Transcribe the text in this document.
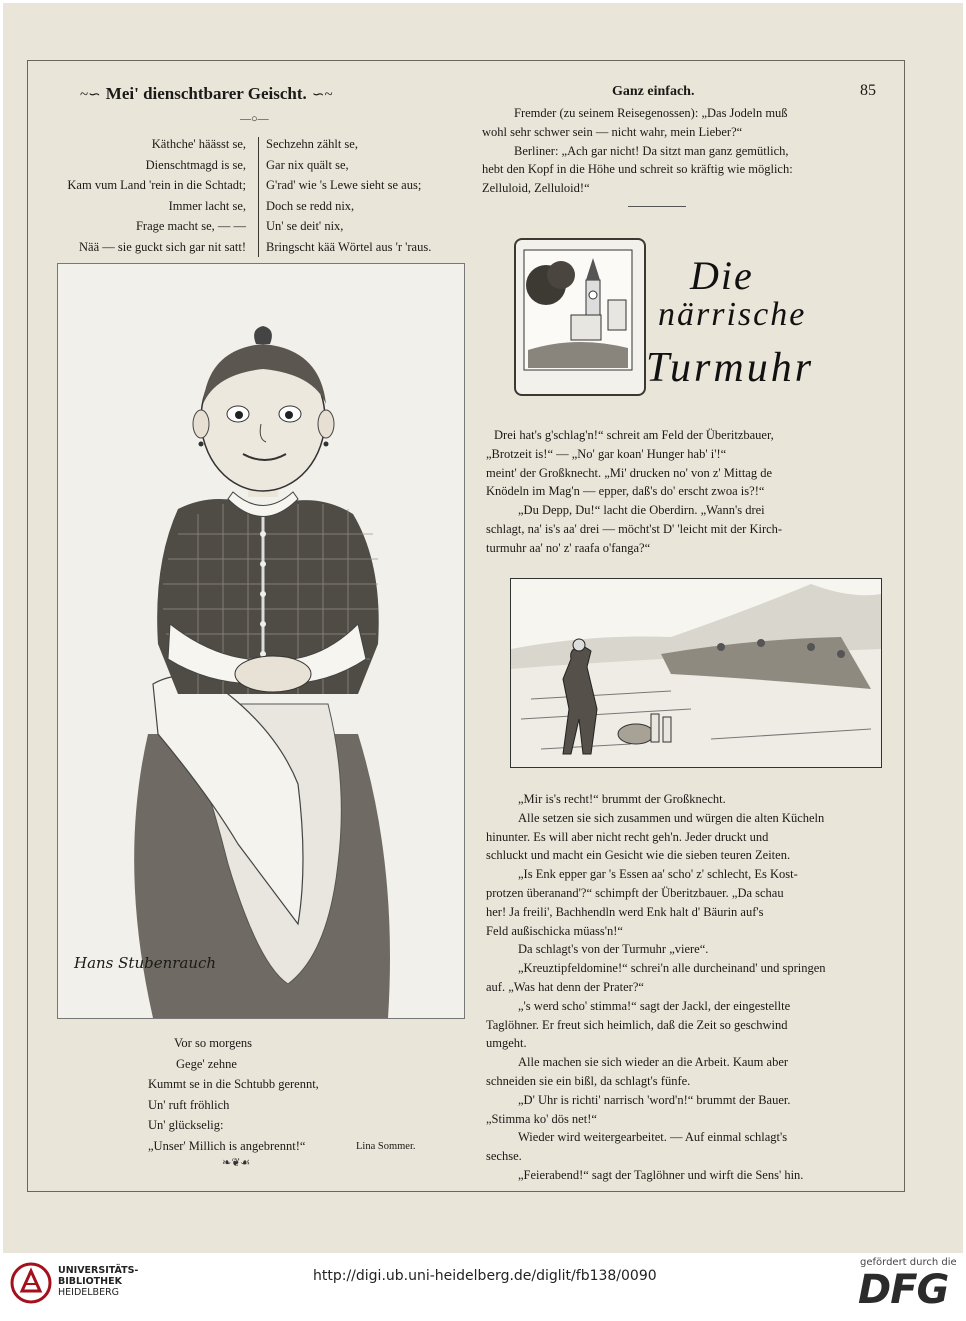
~∽ Mei' dienschtbarer Geischt. ∽~	Ganz einfach.	85
—○—
Käthche' häässt se,
Dienschtmagd is se,
Kam vum Land 'rein in die Schtadt;
Immer lacht se,
Frage macht se, — —
Nää — sie guckt sich gar nit satt!
Sechzehn zählt se,
Gar nix quält se,
G'rad' wie 's Lewe sieht se aus;
Doch se redd nix,
Un' se deit' nix,
Bringscht kää Wörtel aus 'r 'raus.
Hans Stubenrauch
Vor so morgens
Gege' zehne
Kummt se in die Schtubb gerennt,
Un' ruft fröhlich
Un' glückselig:
„Unser' Millich is angebrennt!“	Lina Sommer.
❧❦☙
Fremder (zu seinem Reisegenossen): „Das Jodeln muß
wohl sehr schwer sein — nicht wahr, mein Lieber?“
Berliner: „Ach gar nicht! Da sitzt man ganz gemütlich,
hebt den Kopf in die Höhe und schreit so kräftig wie möglich:
Zelluloid, Zelluloid!“
Die
närrische
Turmuhr
Drei hat's g'schlag'n!“ schreit am Feld der Überitzbauer,
„Brotzeit is!“ — „No' gar koan' Hunger hab' i'!“
meint' der Großknecht. „Mi' drucken no' von z' Mittag de
Knödeln im Mag'n — epper, daß's do' erscht zwoa is?!“
„Du Depp, Du!“ lacht die Oberdirn. „Wann's drei
schlagt, na' is's aa' drei — möcht'st D' 'leicht mit der Kirch-
turmuhr aa' no' z' raafa o'fanga?“
„Mir is's recht!“ brummt der Großknecht.
Alle setzen sie sich zusammen und würgen die alten Kücheln
hinunter. Es will aber nicht recht geh'n. Jeder druckt und
schluckt und macht ein Gesicht wie die sieben teuren Zeiten.
„Is Enk epper gar 's Essen aa' scho' z' schlecht, Es Kost-
protzen überanand'?“ schimpft der Überitzbauer. „Da schau
her! Ja freili', Bachhendln werd Enk halt d' Bäurin auf's
Feld außischicka müass'n!“
Da schlagt's von der Turmuhr „viere“.
„Kreuztipfeldomine!“ schrei'n alle durcheinand' und springen
auf. „Was hat denn der Prater?“
„'s werd scho' stimma!“ sagt der Jackl, der eingestellte
Taglöhner. Er freut sich heimlich, daß die Zeit so geschwind
umgeht.
Alle machen sie sich wieder an die Arbeit. Kaum aber
schneiden sie ein bißl, da schlagt's fünfe.
„D' Uhr is richti' narrisch 'word'n!“ brummt der Bauer.
„Stimma ko' dös net!“
Wieder wird weitergearbeitet. — Auf einmal schlagt's
sechse.
„Feierabend!“ sagt der Taglöhner und wirft die Sens' hin.
UNIVERSITÄTS-
BIBLIOTHEK
HEIDELBERG
http://digi.ub.uni-heidelberg.de/diglit/fb138/0090
gefördert durch die
DFG
